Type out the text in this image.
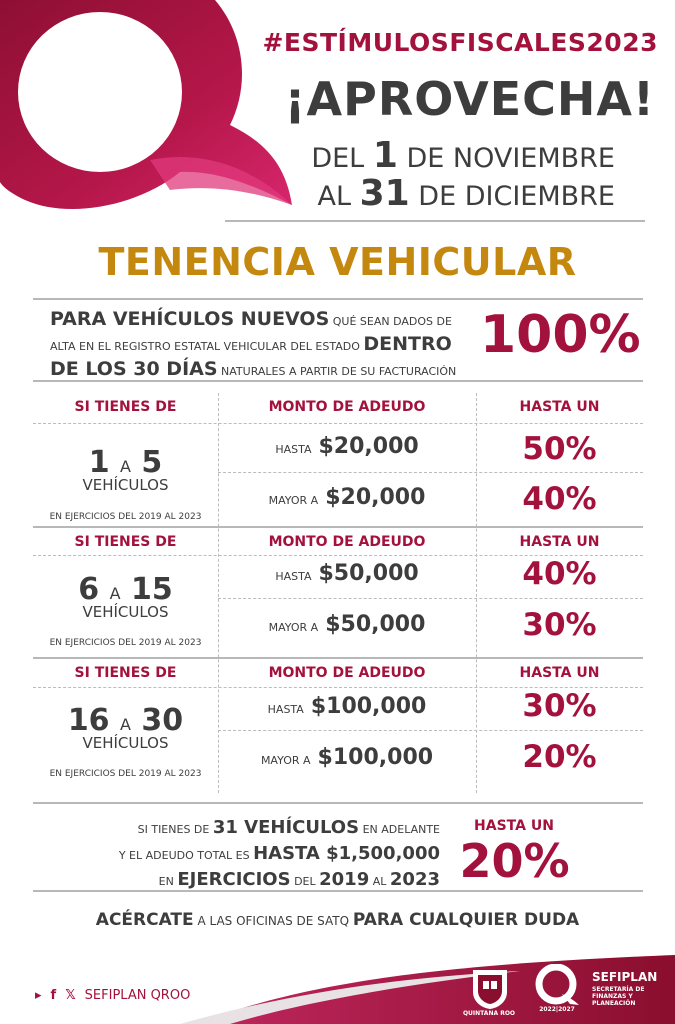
#ESTÍMULOSFISCALES2023
¡APROVECHA!
DEL 1 DE NOVIEMBRE
AL 31 DE DICIEMBRE
TENENCIA VEHICULAR
PARA VEHÍCULOS NUEVOS QUÉ SEAN DADOS DE ALTA EN EL REGISTRO ESTATAL VEHICULAR DEL ESTADO DENTRO DE LOS 30 DÍAS NATURALES A PARTIR DE SU FACTURACIÓN
100%
SI TIENES DE	MONTO DE ADEUDO	HASTA UN
1 A 5
VEHÍCULOS
EN EJERCICIOS DEL 2019 AL 2023
HASTA $20,000	50%
MAYOR A $20,000	40%
SI TIENES DE	MONTO DE ADEUDO	HASTA UN
6 A 15
VEHÍCULOS
EN EJERCICIOS DEL 2019 AL 2023
HASTA $50,000	40%
MAYOR A $50,000	30%
SI TIENES DE	MONTO DE ADEUDO	HASTA UN
16 A 30
VEHÍCULOS
EN EJERCICIOS DEL 2019 AL 2023
HASTA $100,000	30%
MAYOR A $100,000	20%
SI TIENES DE 31 VEHÍCULOS EN ADELANTE
Y EL ADEUDO TOTAL ES HASTA $1,500,000
EN EJERCICIOS DEL 2019 AL 2023
HASTA UN
20%
ACÉRCATE A LAS OFICINAS DE SATQ PARA CUALQUIER DUDA
▸ f 𝕏 SEFIPLAN QROO
QUINTANA ROO
2022|2027
SEFIPLAN
SECRETARÍA DE FINANZAS Y PLANEACIÓN
